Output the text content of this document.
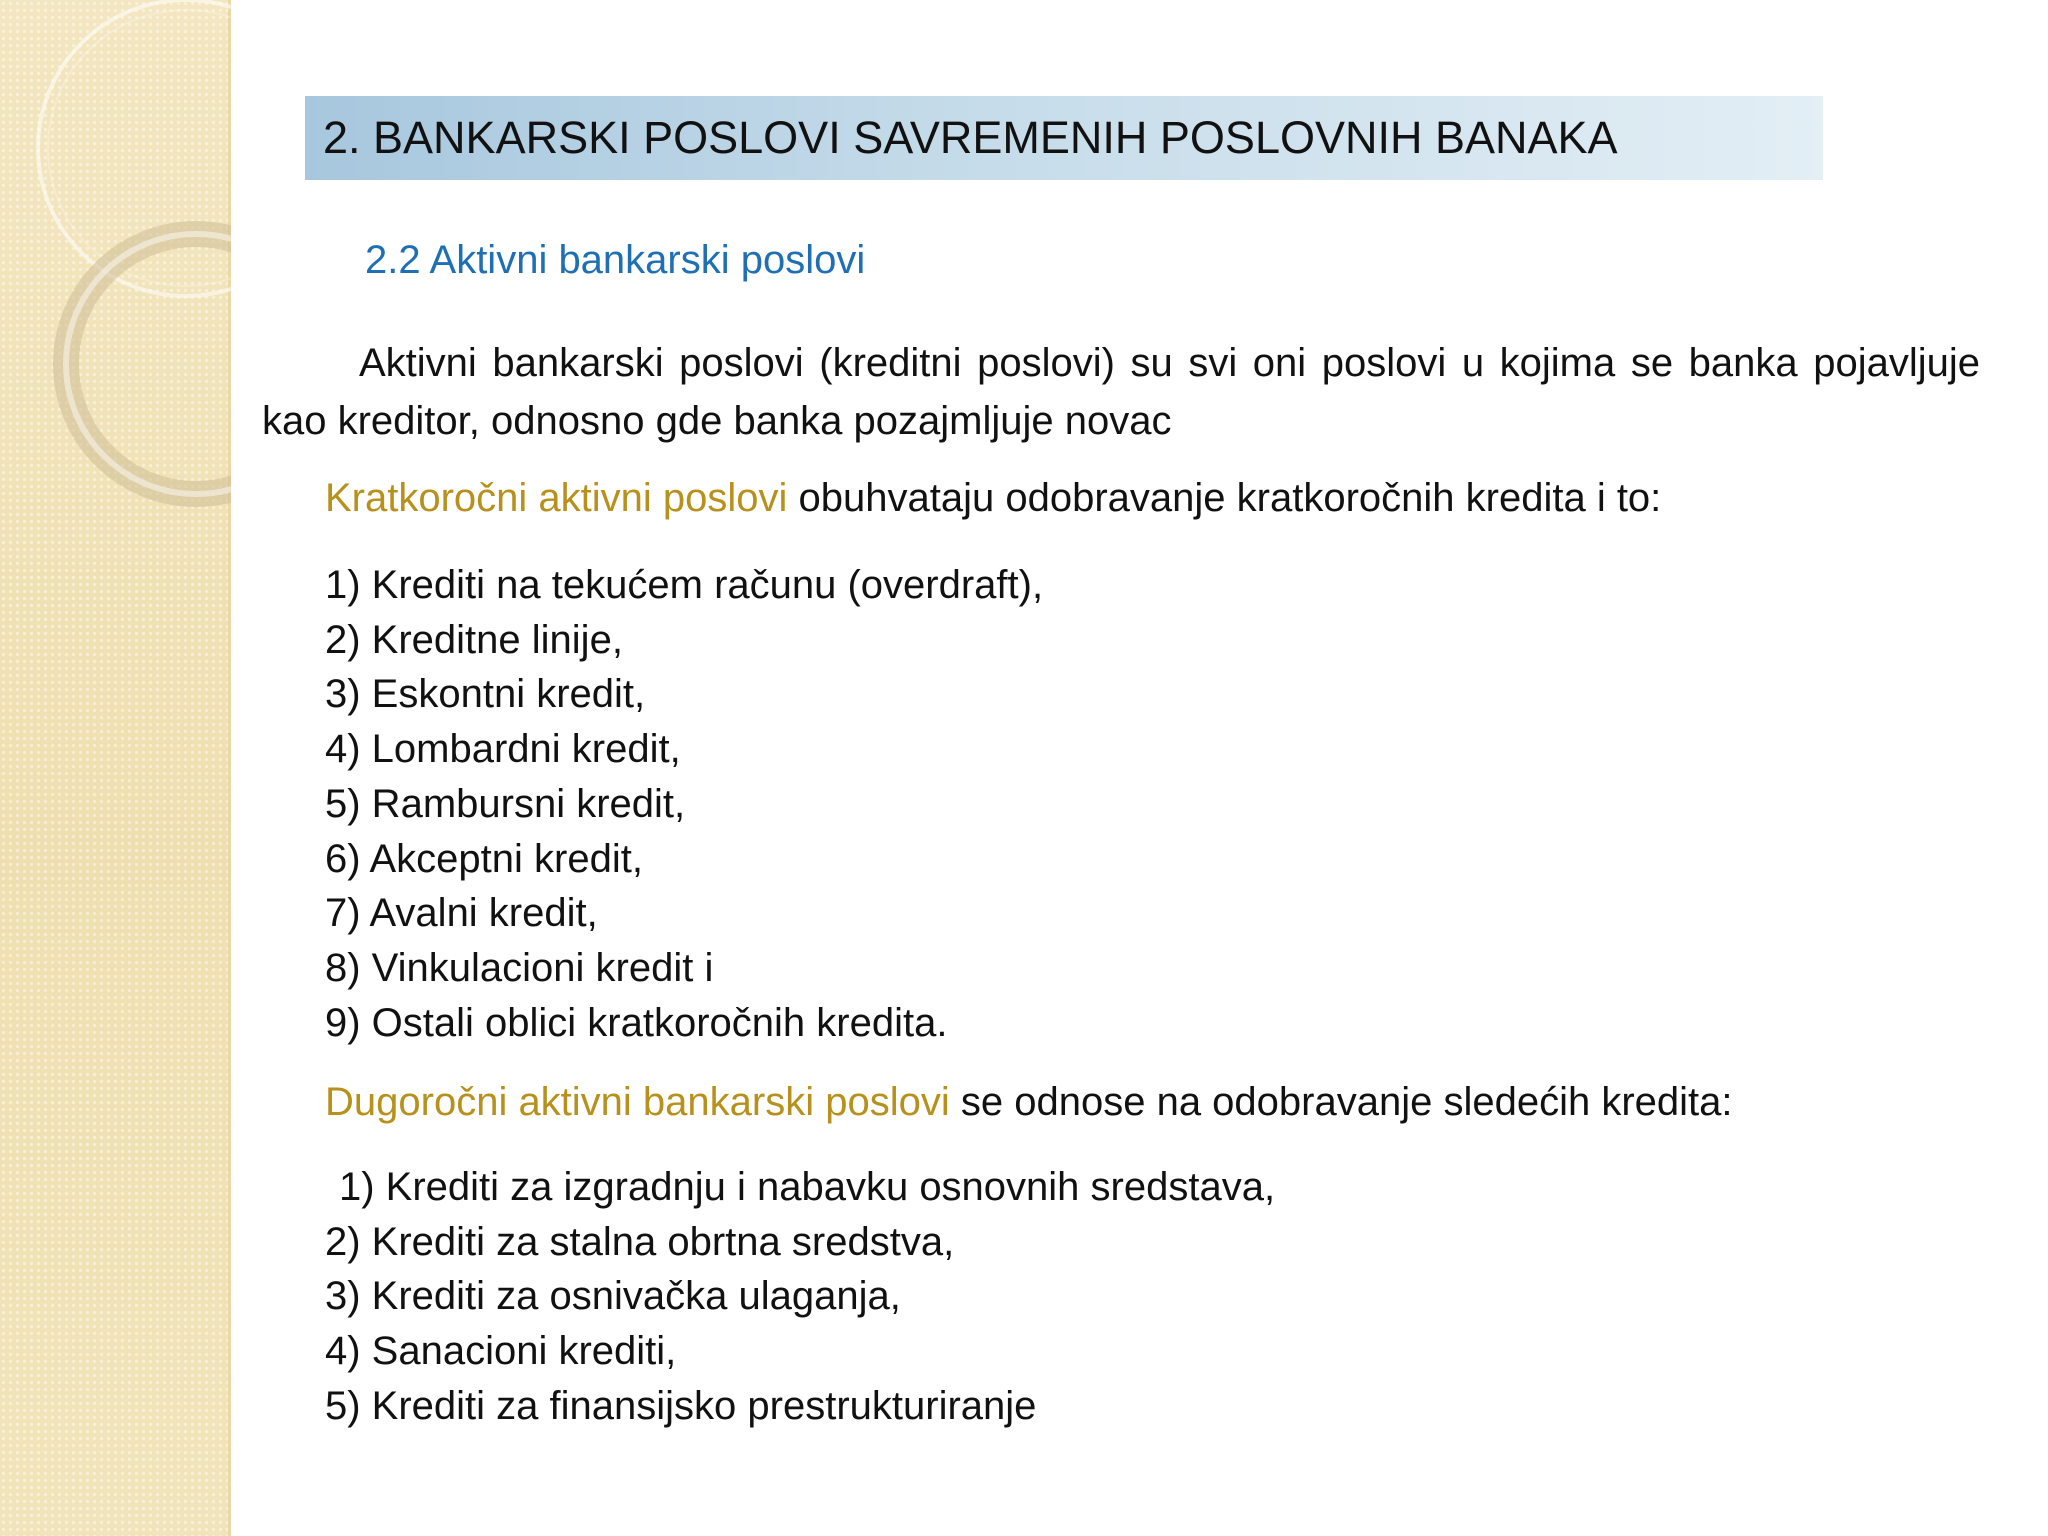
2. BANKARSKI POSLOVI SAVREMENIH POSLOVNIH BANAKA
2.2 Aktivni bankarski poslovi
Aktivni bankarski poslovi (kreditni poslovi) su svi oni poslovi u kojima se banka pojavljuje kao kreditor, odnosno gde banka pozajmljuje novac
Kratkoročni aktivni poslovi obuhvataju odobravanje kratkoročnih kredita i to:
1) Krediti na tekućem računu (overdraft),
2) Kreditne linije,
3) Eskontni kredit,
4) Lombardni kredit,
5) Rambursni kredit,
6) Akceptni kredit,
7) Avalni kredit,
8) Vinkulacioni kredit i
9) Ostali oblici kratkoročnih kredita.
Dugoročni aktivni bankarski poslovi se odnose na odobravanje sledećih kredita:
1) Krediti za izgradnju i nabavku osnovnih sredstava,
2) Krediti za stalna obrtna sredstva,
3) Krediti za osnivačka ulaganja,
4) Sanacioni krediti,
5) Krediti za finansijsko prestrukturiranje
